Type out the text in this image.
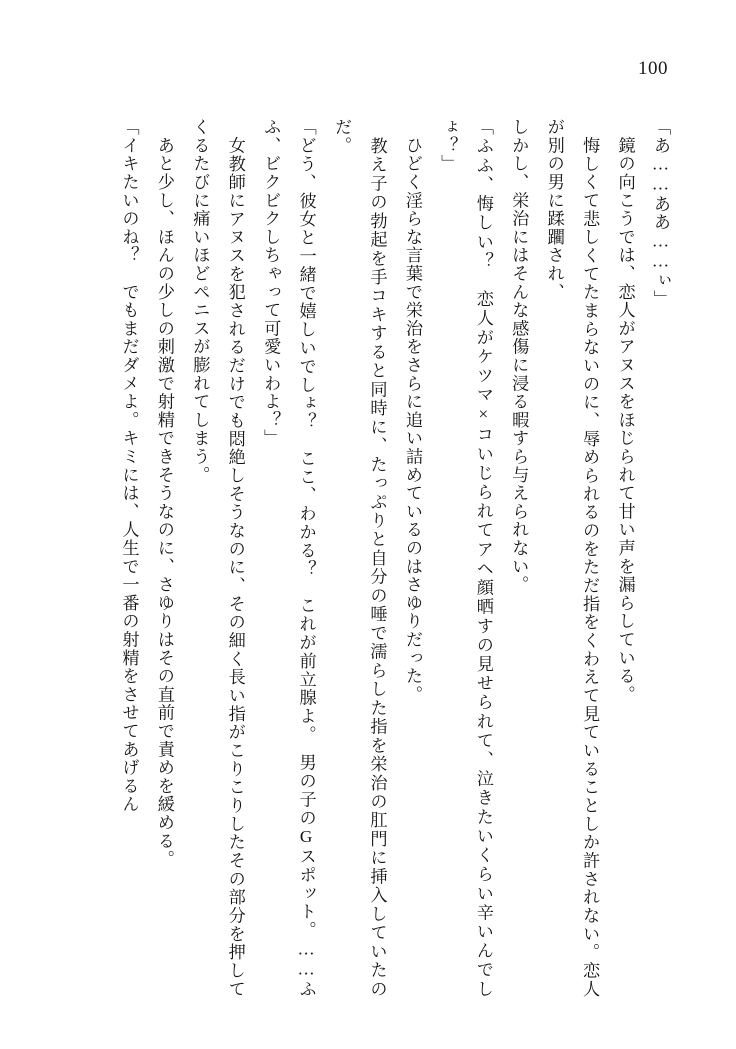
100

「あ……ああ……ぃ」

　鏡の向こうでは、恋人がアヌスをほじられて甘い声を漏らしている。

　悔しくて悲しくてたまらないのに、辱められるのをただ指をくわえて見ていることしか許されない。恋人が別の男に蹂躙され、

しかし、栄治にはそんな感傷に浸る暇すら与えられない。

「ふふ、悔しい？　恋人がケツマ×コいじられてアヘ顔晒すの見せられて、泣きたいくらい辛いんでしょ？」

　ひどく淫らな言葉で栄治をさらに追い詰めているのはさゆりだった。

　教え子の勃起を手コキすると同時に、たっぷりと自分の唾で濡らした指を栄治の肛門に挿入していたのだ。

「どう、彼女と一緒で嬉しいでしょ？　ここ、わかる？　これが前立腺よ。　男の子のGスポット。……ふふ、ビクビクしちゃって可愛いわよ？」

　女教師にアヌスを犯されるだけでも悶絶しそうなのに、その細く長い指がこりこりしたその部分を押してくるたびに痛いほどペニスが膨れてしまう。

　あと少し、ほんの少しの刺激で射精できそうなのに、さゆりはその直前で責めを緩める。

「イキたいのね？　でもまだダメよ。キミには、人生で一番の射精をさせてあげるん
